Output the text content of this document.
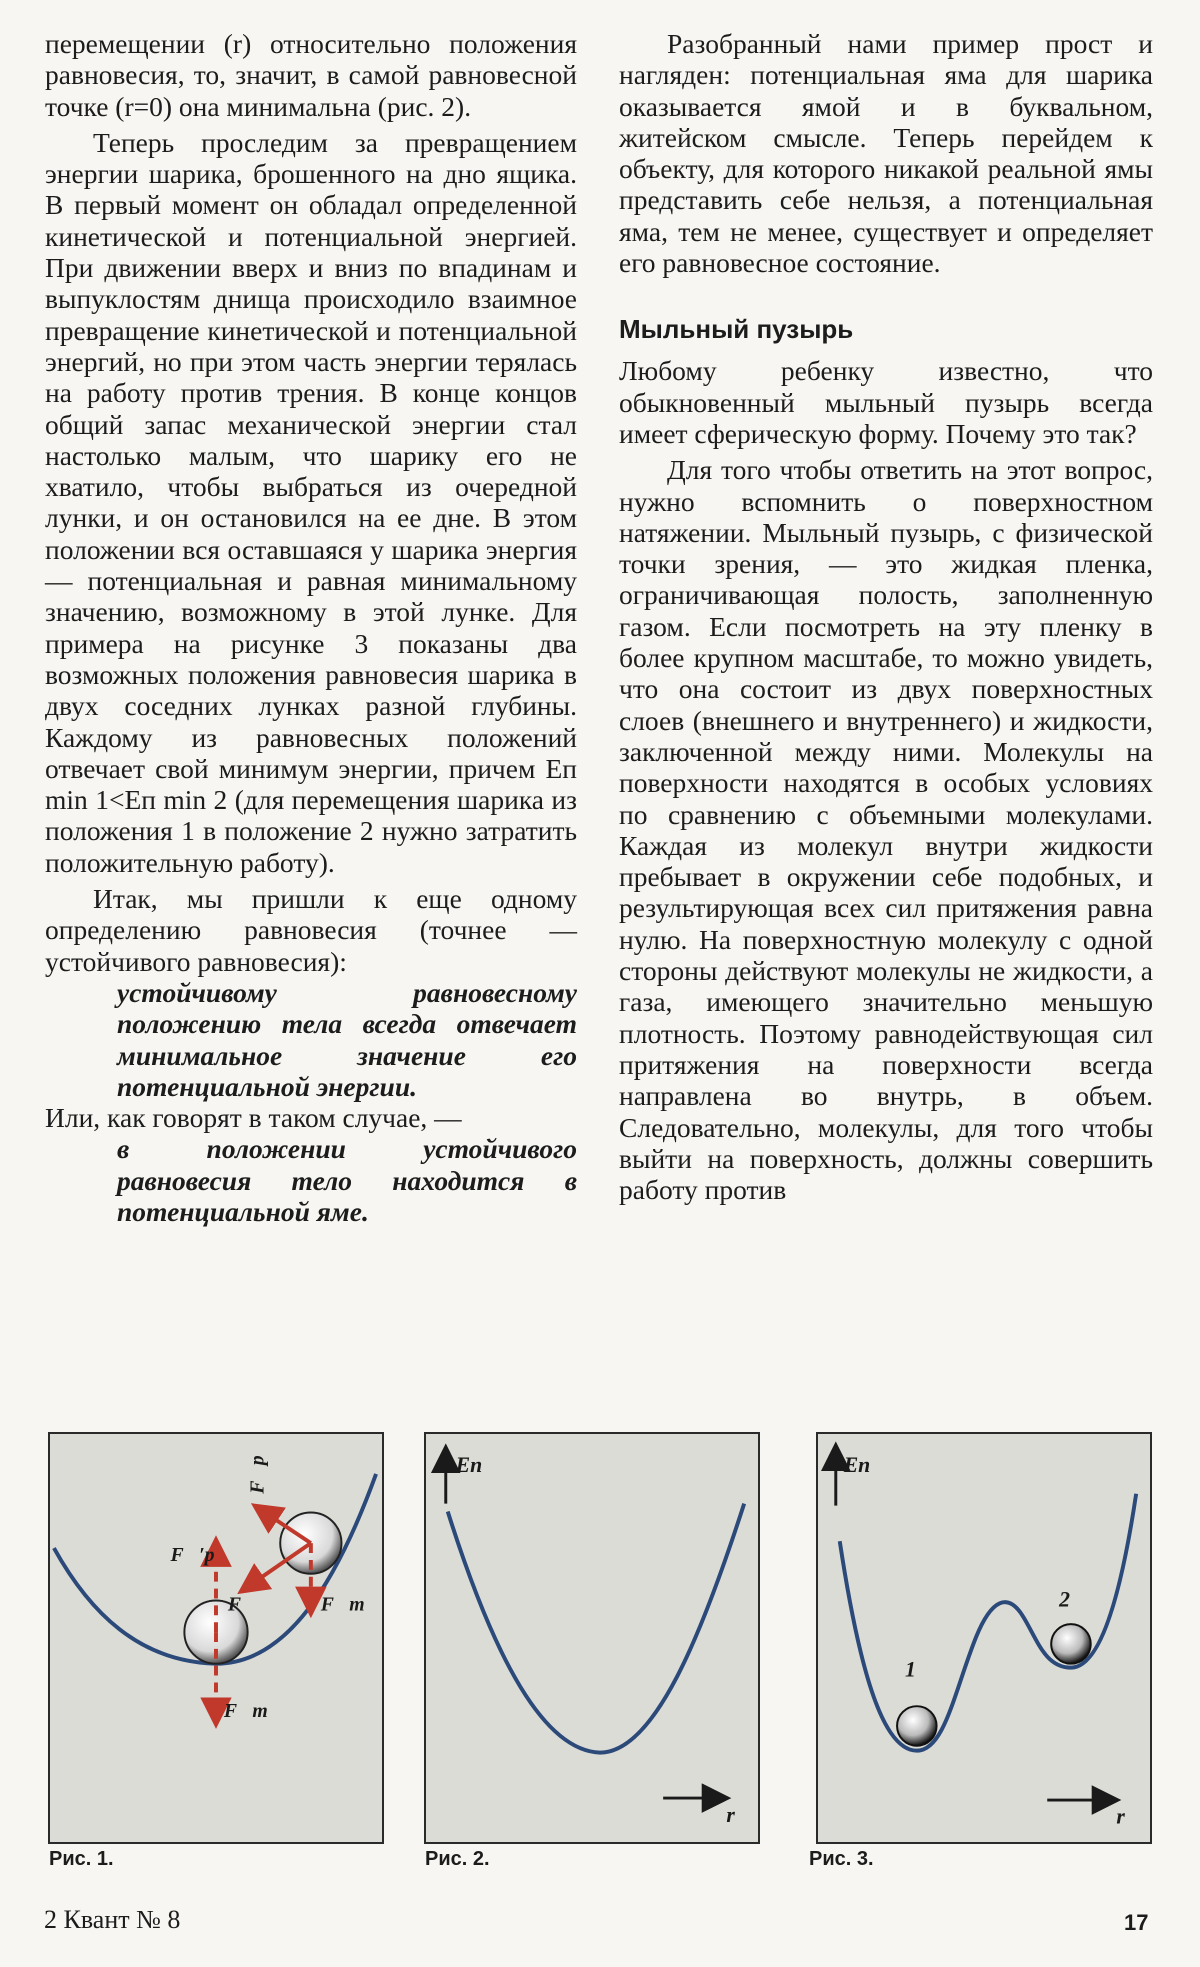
перемещении (r) относительно положения равновесия, то, значит, в самой равновесной точке (r=0) она минимальна (рис. 2).

Теперь проследим за превращением энергии шарика, брошенного на дно ящика. В первый момент он обладал определенной кинетической и потенциальной энергией. При движении вверх и вниз по впадинам и выпуклостям днища происходило взаимное превращение кинетической и потенциальной энергий, но при этом часть энергии терялась на работу против трения. В конце концов общий запас механической энергии стал настолько малым, что шарику его не хватило, чтобы выбраться из очередной лунки, и он остановился на ее дне. В этом положении вся оставшаяся у шарика энергия — потенциальная и равная минимальному значению, возможному в этой лунке. Для примера на рисунке 3 показаны два возможных положения равновесия шарика в двух соседних лунках разной глубины. Каждому из равновесных положений отвечает свой минимум энергии, причем Eп min 1<Eп min 2 (для перемещения шарика из положения 1 в положение 2 нужно затратить положительную работу).

Итак, мы пришли к еще одному определению равновесия (точнее — устойчивого равновесия):

устойчивому равновесному положению тела всегда отвечает минимальное значение его потенциальной энергии.

Или, как говорят в таком случае, —

в положении устойчивого равновесия тело находится в потенциальной яме.

Разобранный нами пример прост и нагляден: потенциальная яма для шарика оказывается ямой и в буквальном, житейском смысле. Теперь перейдем к объекту, для которого никакой реальной ямы представить себе нельзя, а потенциальная яма, тем не менее, существует и определяет его равновесное состояние.

Мыльный пузырь

Любому ребенку известно, что обыкновенный мыльный пузырь всегда имеет сферическую форму. Почему это так?

Для того чтобы ответить на этот вопрос, нужно вспомнить о поверхностном натяжении. Мыльный пузырь, с физической точки зрения, — это жидкая пленка, ограничивающая полость, заполненную газом. Если посмотреть на эту пленку в более крупном масштабе, то можно увидеть, что она состоит из двух поверхностных слоев (внешнего и внутреннего) и жидкости, заключенной между ними. Молекулы на поверхности находятся в особых условиях по сравнению с объемными молекулами. Каждая из молекул внутри жидкости пребывает в окружении себе подобных, и результирующая всех сил притяжения равна нулю. На поверхностную молекулу с одной стороны действуют молекулы не жидкости, а газа, имеющего значительно меньшую плотность. Поэтому равнодействующая сил притяжения на поверхности всегда направлена во внутрь, в объем. Следовательно, молекулы, для того чтобы выйти на поверхность, должны совершить работу против

F⃗р
F⃗′р
F⃗	F⃗т
F⃗т
Eп
r
Eп
1
2
r
Рис. 1.	Рис. 2.	Рис. 3.
2 Квант № 8	17
